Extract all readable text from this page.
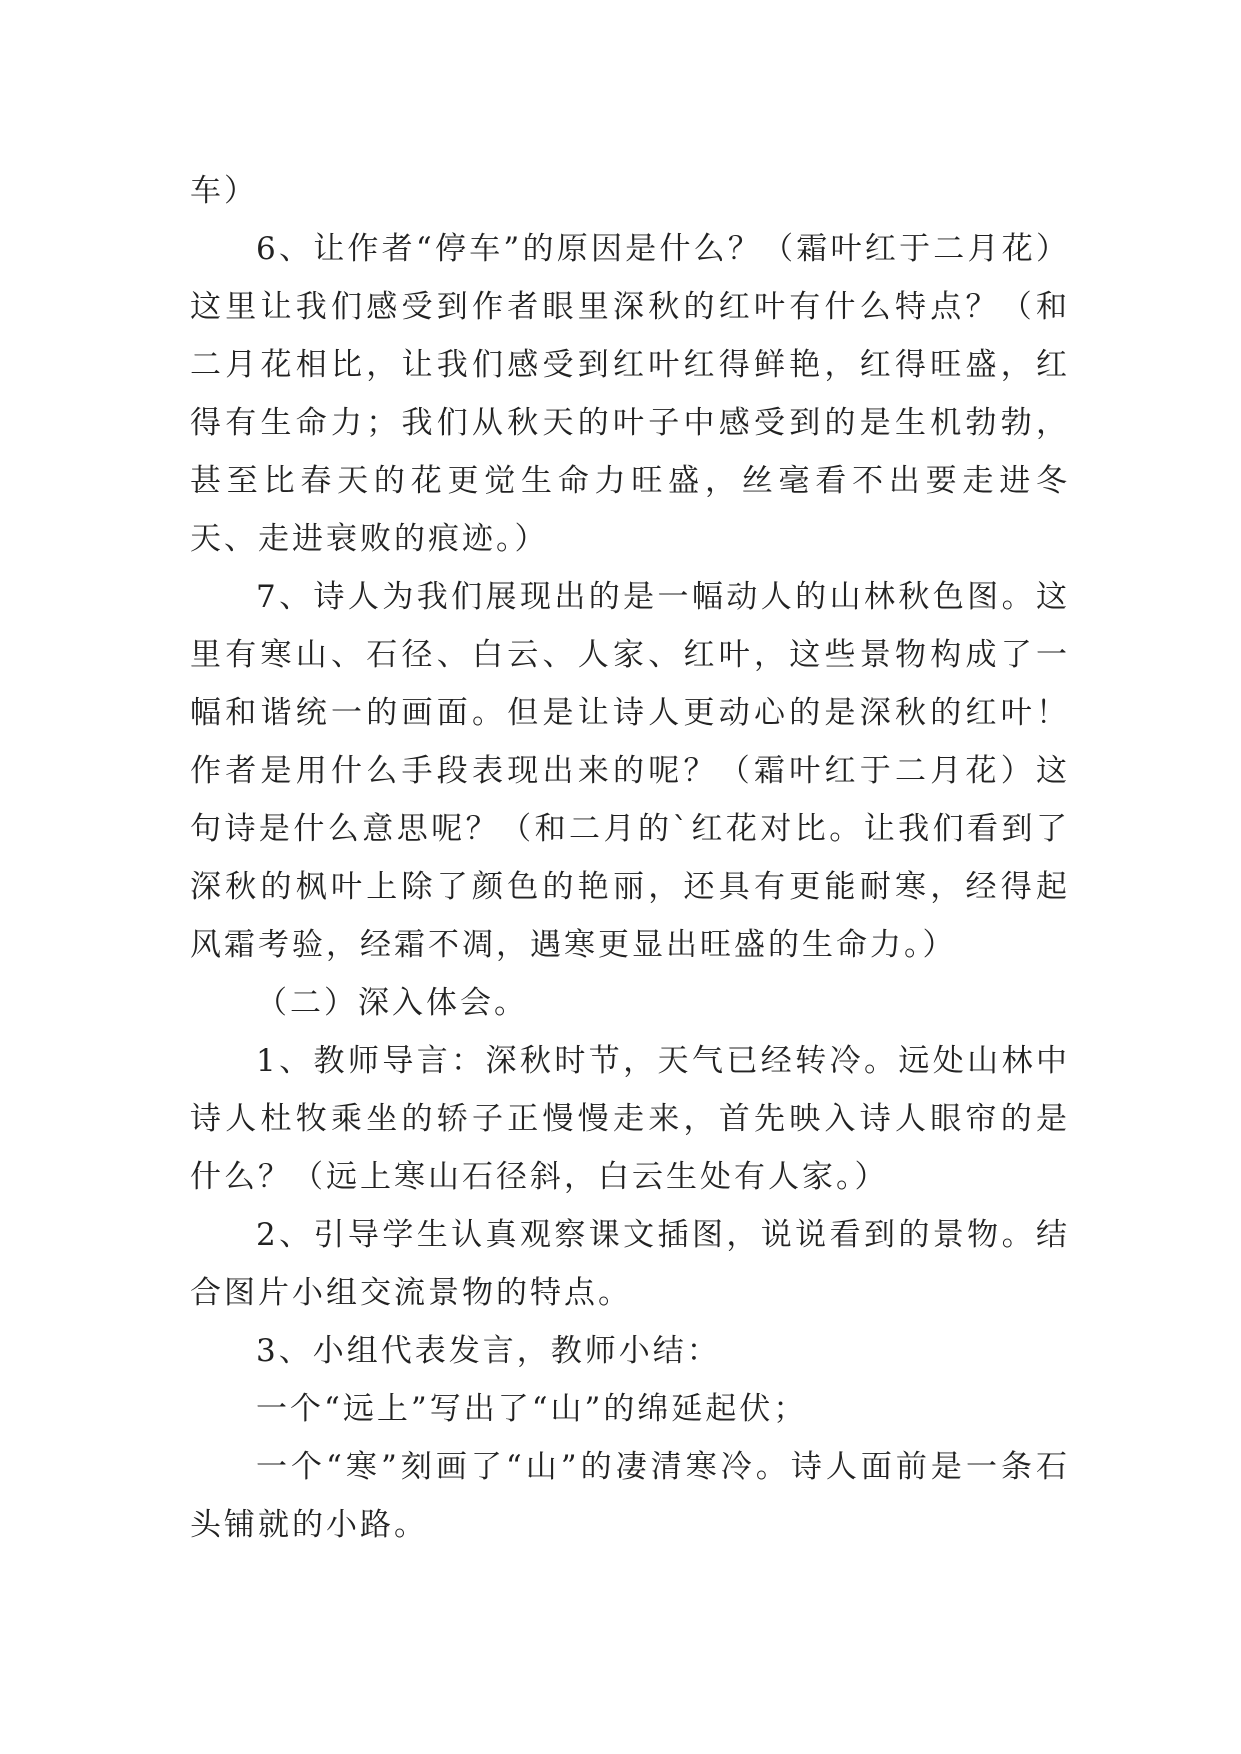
车）

6、让作者“停车”的原因是什么？（霜叶红于二月花）这里让我们感受到作者眼里深秋的红叶有什么特点？（和二月花相比，让我们感受到红叶红得鲜艳，红得旺盛，红得有生命力；我们从秋天的叶子中感受到的是生机勃勃，甚至比春天的花更觉生命力旺盛，丝毫看不出要走进冬天、走进衰败的痕迹。）

7、诗人为我们展现出的是一幅动人的山林秋色图。这里有寒山、石径、白云、人家、红叶，这些景物构成了一幅和谐统一的画面。但是让诗人更动心的是深秋的红叶！作者是用什么手段表现出来的呢？（霜叶红于二月花）这句诗是什么意思呢？（和二月的`红花对比。让我们看到了深秋的枫叶上除了颜色的艳丽，还具有更能耐寒，经得起风霜考验，经霜不凋，遇寒更显出旺盛的生命力。）

（二）深入体会。

1、教师导言：深秋时节，天气已经转冷。远处山林中诗人杜牧乘坐的轿子正慢慢走来，首先映入诗人眼帘的是什么？（远上寒山石径斜，白云生处有人家。）

2、引导学生认真观察课文插图，说说看到的景物。结合图片小组交流景物的特点。

3、小组代表发言，教师小结：

一个“远上”写出了“山”的绵延起伏；

一个“寒”刻画了“山”的凄清寒冷。诗人面前是一条石头铺就的小路。
